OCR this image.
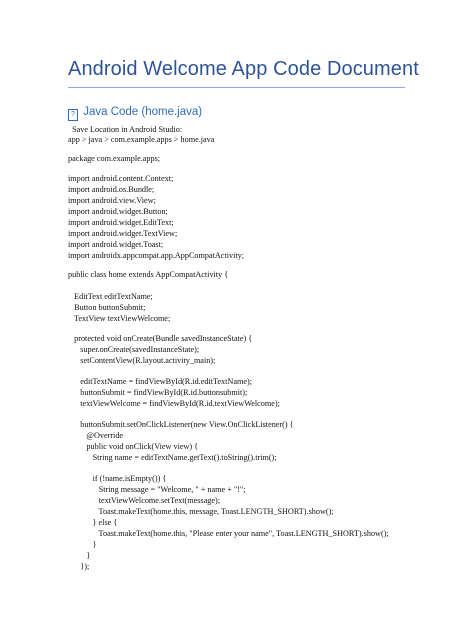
Android Welcome App Code Document
? Java Code (home.java)
Save Location in Android Studio:
app > java > com.example.apps > home.java
package com.example.apps;
import android.content.Context;
import android.os.Bundle;
import android.view.View;
import android.widget.Button;
import android.widget.EditText;
import android.widget.TextView;
import android.widget.Toast;
import androidx.appcompat.app.AppCompatActivity;
public class home extends AppCompatActivity {
EditText editTextName;
Button buttonSubmit;
TextView textViewWelcome;
protected void onCreate(Bundle savedInstanceState) {
super.onCreate(savedInstanceState);
setContentView(R.layout.activity_main);
editTextName = findViewById(R.id.editTextName);
buttonSubmit = findViewById(R.id.buttonsubmit);
textViewWelcome = findViewById(R.id.textViewWelcome);
buttonSubmit.setOnClickListener(new View.OnClickListener() {
@Override
public void onClick(View view) {
String name = editTextName.getText().toString().trim();
if (!name.isEmpty()) {
String message = "Welcome, " + name + "!";
textViewWelcome.setText(message);
Toast.makeText(home.this, message, Toast.LENGTH_SHORT).show();
} else {
Toast.makeText(home.this, "Please enter your name", Toast.LENGTH_SHORT).show();
}
}
});
